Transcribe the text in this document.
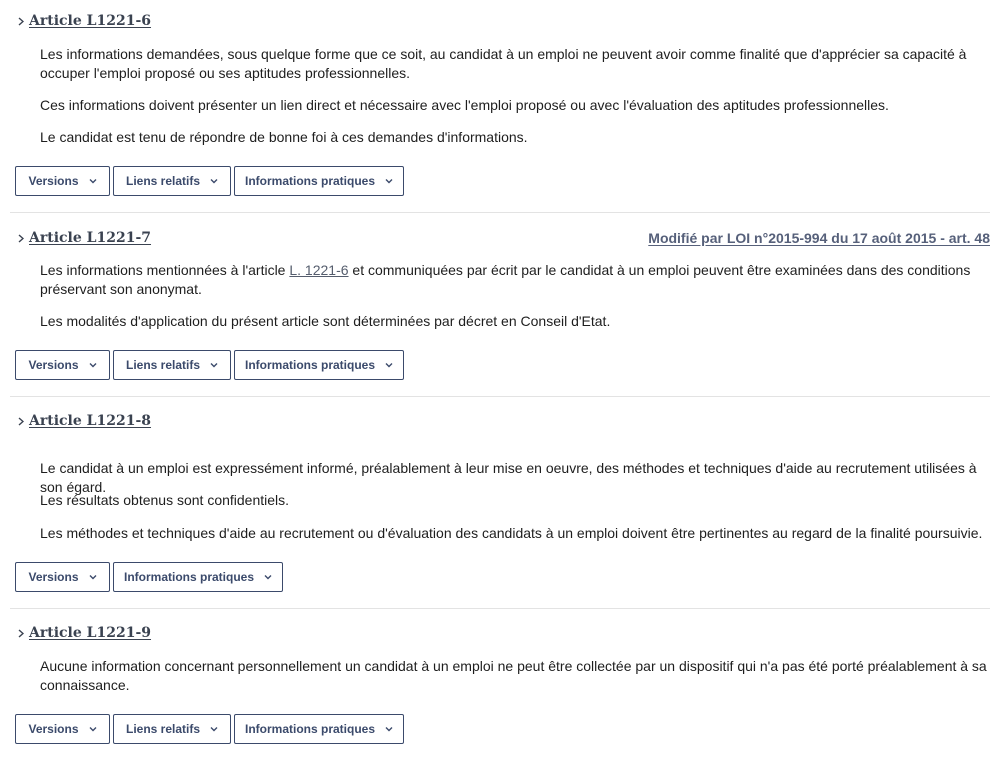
Article L1221-6

Les informations demandées, sous quelque forme que ce soit, au candidat à un emploi ne peuvent avoir comme finalité que d'apprécier sa capacité à occuper l'emploi proposé ou ses aptitudes professionnelles.

Ces informations doivent présenter un lien direct et nécessaire avec l'emploi proposé ou avec l'évaluation des aptitudes professionnelles.

Le candidat est tenu de répondre de bonne foi à ces demandes d'informations.

Versions	Liens relatifs	Informations pratiques
Article L1221-7	Modifié par LOI n°2015-994 du 17 août 2015 - art. 48

Les informations mentionnées à l'article L. 1221-6 et communiquées par écrit par le candidat à un emploi peuvent être examinées dans des conditions préservant son anonymat.

Les modalités d'application du présent article sont déterminées par décret en Conseil d'Etat.

Versions	Liens relatifs	Informations pratiques
Article L1221-8

Le candidat à un emploi est expressément informé, préalablement à leur mise en oeuvre, des méthodes et techniques d'aide au recrutement utilisées à son égard.

Les résultats obtenus sont confidentiels.

Les méthodes et techniques d'aide au recrutement ou d'évaluation des candidats à un emploi doivent être pertinentes au regard de la finalité poursuivie.

Versions	Informations pratiques
Article L1221-9

Aucune information concernant personnellement un candidat à un emploi ne peut être collectée par un dispositif qui n'a pas été porté préalablement à sa connaissance.

Versions	Liens relatifs	Informations pratiques
